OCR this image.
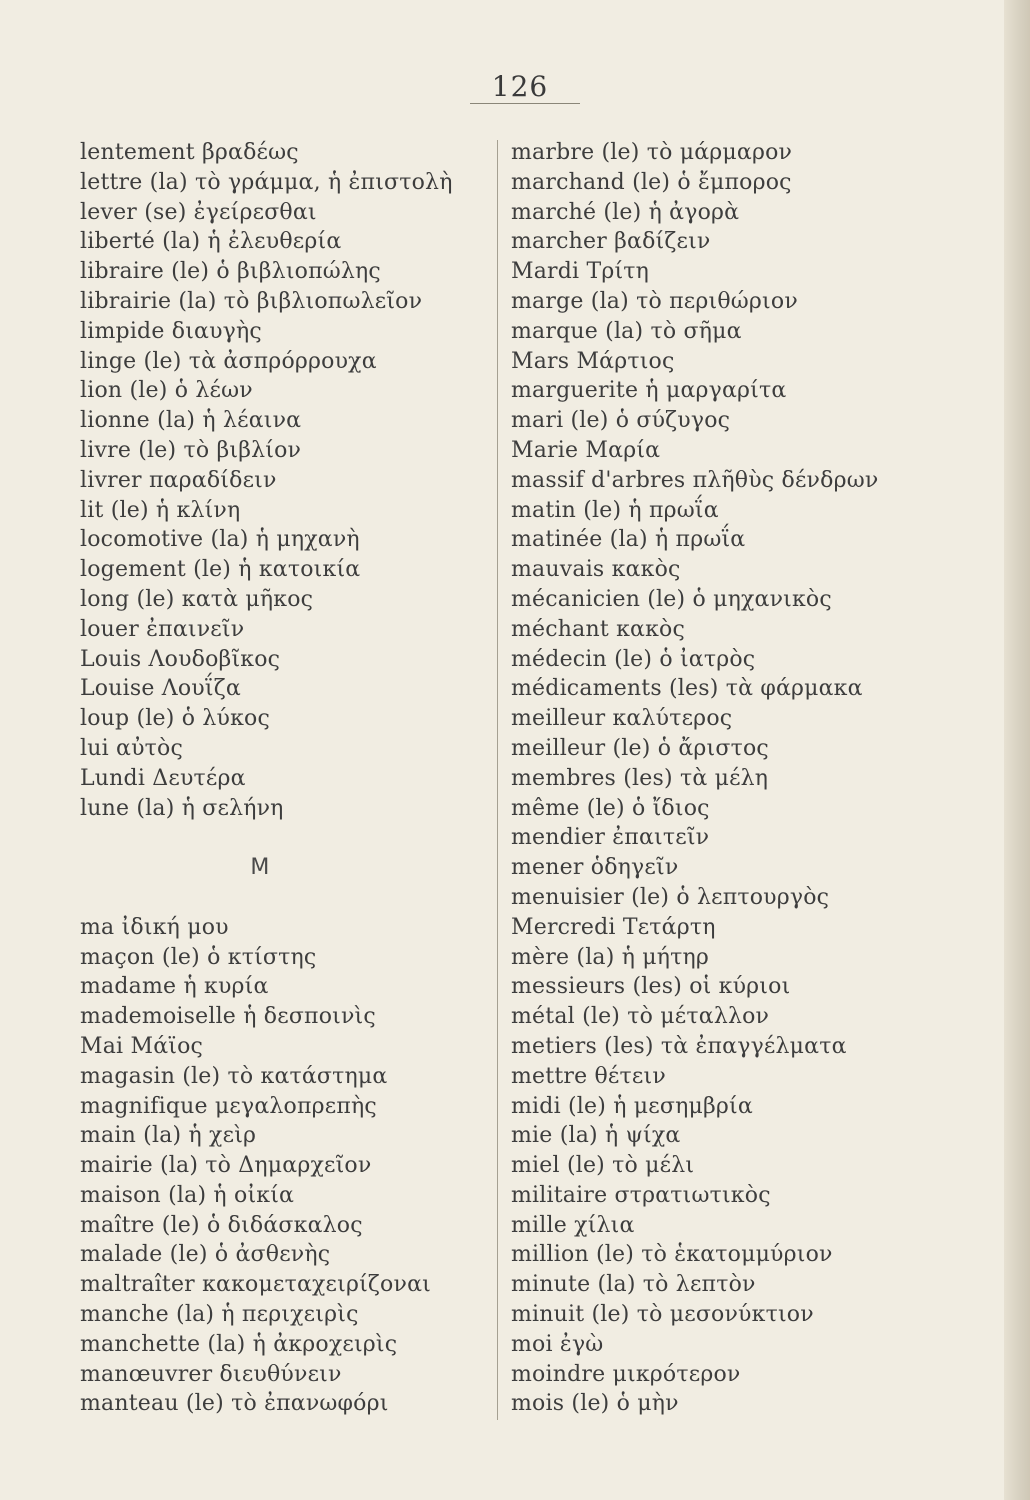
126
lentement βραδέως
lettre (la) τὸ γράμμα, ἡ ἐπιστολὴ
lever (se) ἐγείρεσθαι
liberté (la) ἡ ἐλευθερία
libraire (le) ὁ βιβλιοπώλης
librairie (la) τὸ βιβλιοπωλεῖον
limpide διαυγὴς
linge (le) τὰ ἀσπρόρρουχα
lion (le) ὁ λέων
lionne (la) ἡ λέαινα
livre (le) τὸ βιβλίον
livrer παραδίδειν
lit (le) ἡ κλίνη
locomotive (la) ἡ μηχανὴ
logement (le) ἡ κατοικία
long (le) κατὰ μῆκος
louer ἐπαινεῖν
Louis Λουδοβῖκος
Louise Λουΐζα
loup (le) ὁ λύκος
lui αὐτὸς
Lundi Δευτέρα
lune (la) ἡ σελήνη
M
ma ἰδική μου
maçon (le) ὁ κτίστης
madame ἡ κυρία
mademoiselle ἡ δεσποινὶς
Mai Μάϊος
magasin (le) τὸ κατάστημα
magnifique μεγαλοπρεπὴς
main (la) ἡ χεὶρ
mairie (la) τὸ Δημαρχεῖον
maison (la) ἡ οἰκία
maître (le) ὁ διδάσκαλος
malade (le) ὁ ἀσθενὴς
maltraîter κακομεταχειρίζοναι
manche (la) ἡ περιχειρὶς
manchette (la) ἡ ἀκροχειρὶς
manœuvrer διευθύνειν
manteau (le) τὸ ἐπανωφόρι
marbre (le) τὸ μάρμαρον
marchand (le) ὁ ἔμπορος
marché (le) ἡ ἀγορὰ
marcher βαδίζειν
Mardi Τρίτη
marge (la) τὸ περιθώριον
marque (la) τὸ σῆμα
Mars Μάρτιος
marguerite ἡ μαργαρίτα
mari (le) ὁ σύζυγος
Marie Μαρία
massif d'arbres πλῆθὺς δένδρων
matin (le) ἡ πρωΐα
matinée (la) ἡ πρωΐα
mauvais κακὸς
mécanicien (le) ὁ μηχανικὸς
méchant κακὸς
médecin (le) ὁ ἰατρὸς
médicaments (les) τὰ φάρμακα
meilleur καλύτερος
meilleur (le) ὁ ἄριστος
membres (les) τὰ μέλη
même (le) ὁ ἴδιος
mendier ἐπαιτεῖν
mener ὁδηγεῖν
menuisier (le) ὁ λεπτουργὸς
Mercredi Τετάρτη
mère (la) ἡ μήτηρ
messieurs (les) οἱ κύριοι
métal (le) τὸ μέταλλον
metiers (les) τὰ ἐπαγγέλματα
mettre θέτειν
midi (le) ἡ μεσημβρία
mie (la) ἡ ψίχα
miel (le) τὸ μέλι
militaire στρατιωτικὸς
mille χίλια
million (le) τὸ ἑκατομμύριον
minute (la) τὸ λεπτὸν
minuit (le) τὸ μεσονύκτιον
moi ἐγὼ
moindre μικρότερον
mois (le) ὁ μὴν
